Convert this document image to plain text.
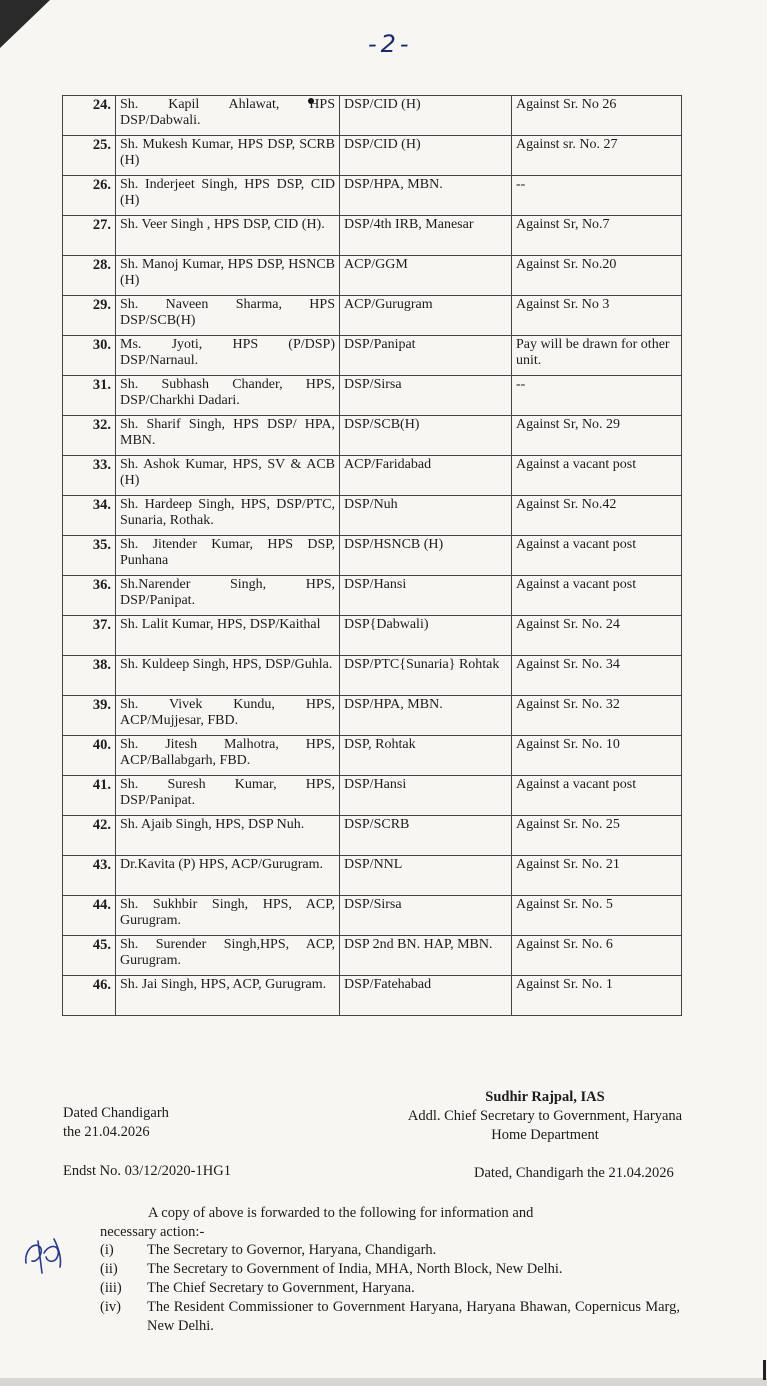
-2-
24.	Sh. Kapil Ahlawat, HPS DSP/Dabwali.	DSP/CID (H)	Against Sr. No 26
25.	Sh. Mukesh Kumar, HPS DSP, SCRB (H)	DSP/CID (H)	Against sr. No. 27
26.	Sh. Inderjeet Singh, HPS DSP, CID (H)	DSP/HPA, MBN.	--
27.	Sh. Veer Singh , HPS DSP, CID (H).	DSP/4th IRB, Manesar	Against Sr, No.7
28.	Sh. Manoj Kumar, HPS DSP, HSNCB (H)	ACP/GGM	Against Sr. No.20
29.	Sh. Naveen Sharma, HPS DSP/SCB(H)	ACP/Gurugram	Against Sr. No 3
30.	Ms. Jyoti, HPS (P/DSP) DSP/Narnaul.	DSP/Panipat	Pay will be drawn for other unit.
31.	Sh. Subhash Chander, HPS, DSP/Charkhi Dadari.	DSP/Sirsa	--
32.	Sh. Sharif Singh, HPS DSP/ HPA, MBN.	DSP/SCB(H)	Against Sr, No. 29
33.	Sh. Ashok Kumar, HPS, SV & ACB (H)	ACP/Faridabad	Against a vacant post
34.	Sh. Hardeep Singh, HPS, DSP/PTC, Sunaria, Rothak.	DSP/Nuh	Against Sr. No.42
35.	Sh. Jitender Kumar, HPS DSP, Punhana	DSP/HSNCB (H)	Against a vacant post
36.	Sh.Narender Singh, HPS, DSP/Panipat.	DSP/Hansi	Against a vacant post
37.	Sh. Lalit Kumar, HPS, DSP/Kaithal	DSP{Dabwali)	Against Sr. No. 24
38.	Sh. Kuldeep Singh, HPS, DSP/Guhla.	DSP/PTC{Sunaria} Rohtak	Against Sr. No. 34
39.	Sh. Vivek Kundu, HPS, ACP/Mujjesar, FBD.	DSP/HPA, MBN.	Against Sr. No. 32
40.	Sh. Jitesh Malhotra, HPS, ACP/Ballabgarh, FBD.	DSP, Rohtak	Against Sr. No. 10
41.	Sh. Suresh Kumar, HPS, DSP/Panipat.	DSP/Hansi	Against a vacant post
42.	Sh. Ajaib Singh, HPS, DSP Nuh.	DSP/SCRB	Against Sr. No. 25
43.	Dr.Kavita (P) HPS, ACP/Gurugram.	DSP/NNL	Against Sr. No. 21
44.	Sh. Sukhbir Singh, HPS, ACP, Gurugram.	DSP/Sirsa	Against Sr. No. 5
45.	Sh. Surender Singh,HPS, ACP, Gurugram.	DSP 2nd BN. HAP, MBN.	Against Sr. No. 6
46.	Sh. Jai Singh, HPS, ACP, Gurugram.	DSP/Fatehabad	Against Sr. No. 1
Sudhir Rajpal, IAS
Addl. Chief Secretary to Government, Haryana
Home Department
Dated Chandigarh
the 21.04.2026
Endst No. 03/12/2020-1HG1	Dated, Chandigarh the 21.04.2026
A copy of above is forwarded to the following for information and necessary action:-
(i)	The Secretary to Governor, Haryana, Chandigarh.
(ii)	The Secretary to Government of India, MHA, North Block, New Delhi.
(iii)	The Chief Secretary to Government, Haryana.
(iv)	The Resident Commissioner to Government Haryana, Haryana Bhawan, Copernicus Marg, New Delhi.
